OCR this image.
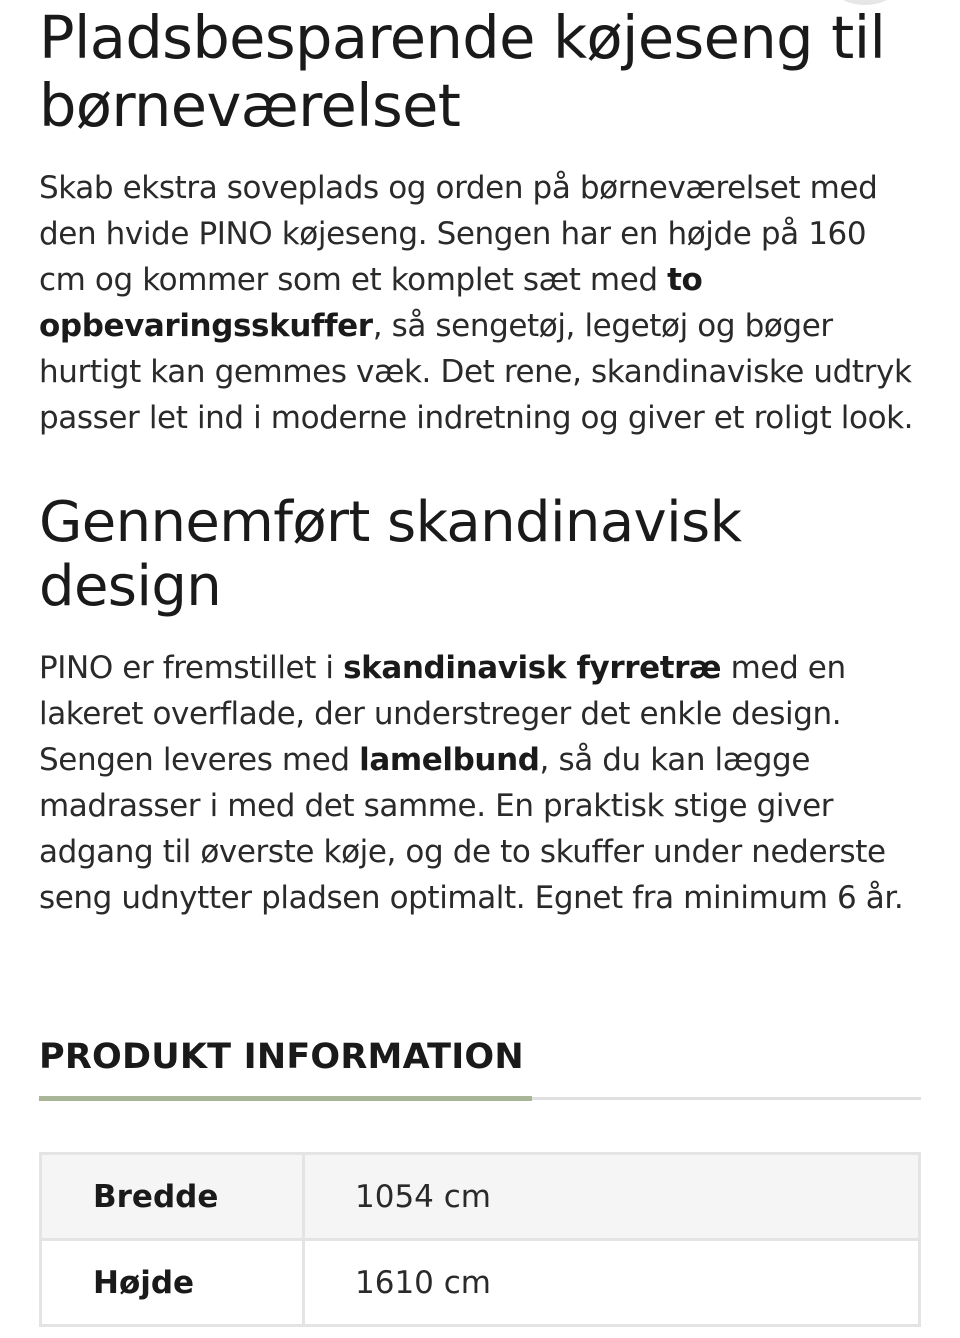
Pladsbesparende køjeseng til børneværelset

Skab ekstra soveplads og orden på børneværelset med den hvide PINO køjeseng. Sengen har en højde på 160 cm og kommer som et komplet sæt med to opbevaringsskuffer, så sengetøj, legetøj og bøger hurtigt kan gemmes væk. Det rene, skandinaviske udtryk passer let ind i moderne indretning og giver et roligt look.

Gennemført skandinavisk design

PINO er fremstillet i skandinavisk fyrretræ med en lakeret overflade, der understreger det enkle design. Sengen leveres med lamelbund, så du kan lægge madrasser i med det samme. En praktisk stige giver adgang til øverste køje, og de to skuffer under nederste seng udnytter pladsen optimalt. Egnet fra minimum 6 år.

PRODUKT INFORMATION
Bredde	1054 cm
Højde	1610 cm
